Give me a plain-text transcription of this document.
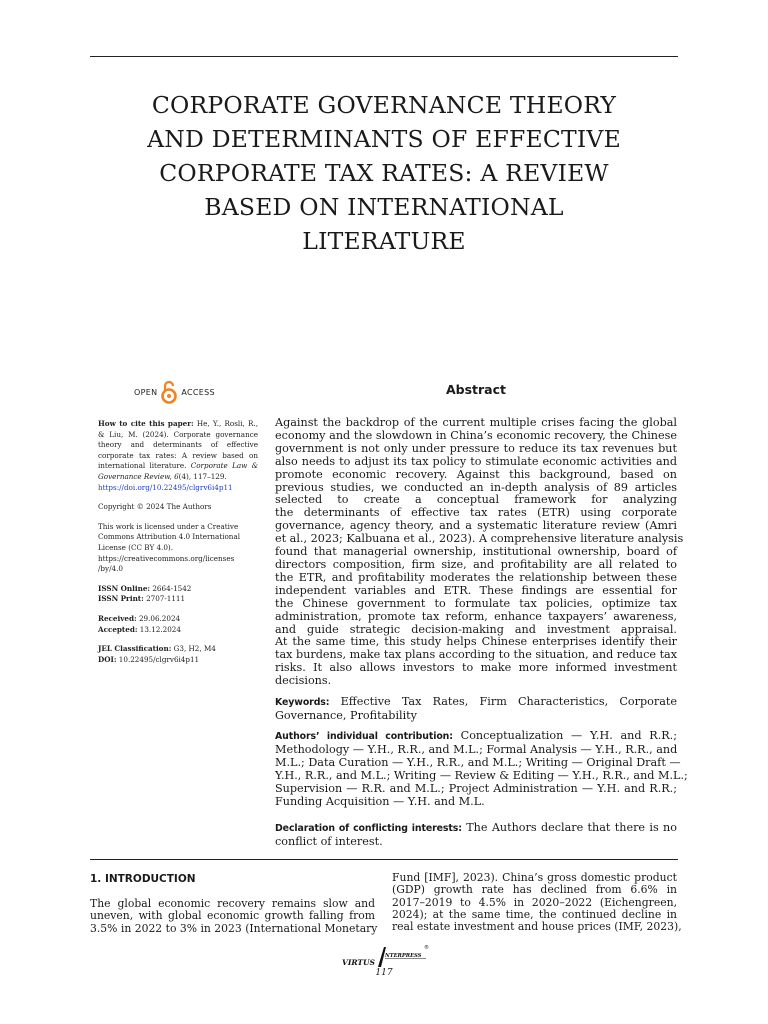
CORPORATE GOVERNANCE THEORY
AND DETERMINANTS OF EFFECTIVE
CORPORATE TAX RATES: A REVIEW
BASED ON INTERNATIONAL
LITERATURE
OPEN	ACCESS
How to cite this paper: He, Y., Rosli, R., & Liu, M. (2024). Corporate governance theory and determinants of effective corporate tax rates: A review based on international literature. Corporate Law & Governance Review, 6(4), 117–129.
https://doi.org/10.22495/clgrv6i4p11
Copyright © 2024 The Authors
This work is licensed under a Creative Commons Attribution 4.0 International License (CC BY 4.0).
https://creativecommons.org/licenses
/by/4.0
ISSN Online: 2664-1542
ISSN Print: 2707-1111
Received: 29.06.2024
Accepted: 13.12.2024
JEL Classification: G3, H2, M4
DOI: 10.22495/clgrv6i4p11
Abstract
Against the backdrop of the current multiple crises facing the global
economy and the slowdown in China’s economic recovery, the Chinese
government is not only under pressure to reduce its tax revenues but
also needs to adjust its tax policy to stimulate economic activities and
promote economic recovery. Against this background, based on
previous studies, we conducted an in-depth analysis of 89 articles
selected to create a conceptual framework for analyzing
the determinants of effective tax rates (ETR) using corporate
governance, agency theory, and a systematic literature review (Amri
et al., 2023; Kalbuana et al., 2023). A comprehensive literature analysis
found that managerial ownership, institutional ownership, board of
directors composition, firm size, and profitability are all related to
the ETR, and profitability moderates the relationship between these
independent variables and ETR. These findings are essential for
the Chinese government to formulate tax policies, optimize tax
administration, promote tax reform, enhance taxpayers’ awareness,
and guide strategic decision-making and investment appraisal.
At the same time, this study helps Chinese enterprises identify their
tax burdens, make tax plans according to the situation, and reduce tax
risks. It also allows investors to make more informed investment
decisions.
Keywords: Effective Tax Rates, Firm Characteristics, Corporate
Governance, Profitability
Authors’ individual contribution: Conceptualization — Y.H. and R.R.;
Methodology — Y.H., R.R., and M.L.; Formal Analysis — Y.H., R.R., and
M.L.; Data Curation — Y.H., R.R., and M.L.; Writing — Original Draft —
Y.H., R.R., and M.L.; Writing — Review & Editing — Y.H., R.R., and M.L.;
Supervision — R.R. and M.L.; Project Administration — Y.H. and R.R.;
Funding Acquisition — Y.H. and M.L.
Declaration of conflicting interests: The Authors declare that there is no
conflict of interest.
1. INTRODUCTION
The global economic recovery remains slow and
uneven, with global economic growth falling from
3.5% in 2022 to 3% in 2023 (International Monetary
Fund [IMF], 2023). China’s gross domestic product
(GDP) growth rate has declined from 6.6% in
2017–2019 to 4.5% in 2020–2022 (Eichengreen,
2024); at the same time, the continued decline in
real estate investment and house prices (IMF, 2023),
VIRTUS
NTERPRESS
®
117
